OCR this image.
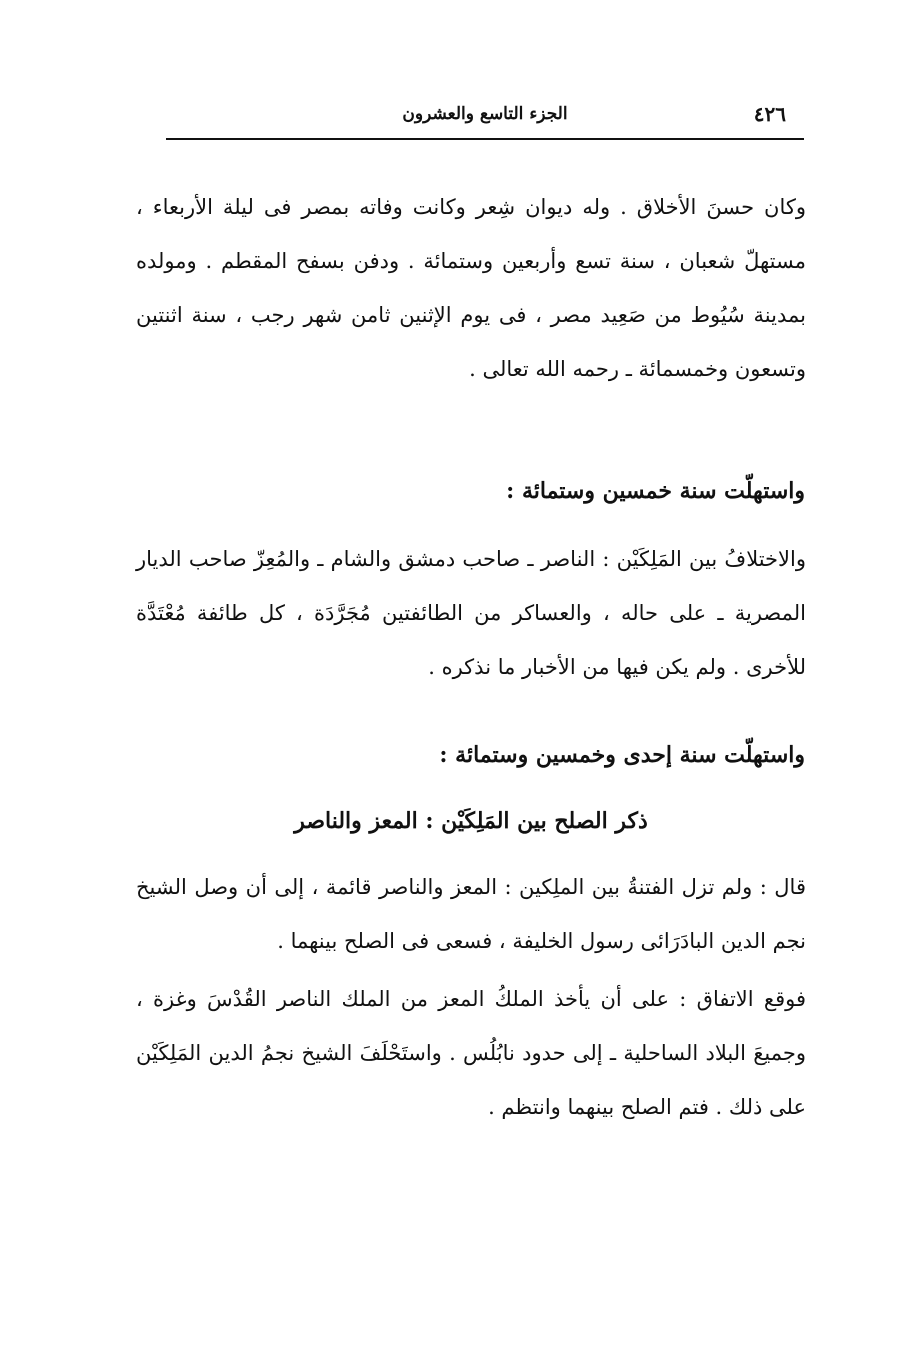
٤٢٦
الجزء التاسع والعشرون

وكان حسنَ الأخلاق . وله ديوان شِعر وكانت وفاته بمصر فى ليلة الأربعاء ، مستهلّ شعبان ، سنة تسع وأربعين وستمائة . ودفن بسفح المقطم . ومولده بمدينة سُيُوط من صَعِيد مصر ، فى يوم الإثنين ثامن شهر رجب ، سنة اثنتين وتسعون وخمسمائة ـ رحمه الله تعالى .

واستهلّت سنة خمسين وستمائة :

والاختلافُ بين المَلِكَيْن : الناصر ـ صاحب دمشق والشام ـ والمُعِزّ صاحب الديار المصرية ـ على حاله ، والعساكر من الطائفتين مُجَرَّدَة ، كل طائفة مُعْتَدَّة للأخرى . ولم يكن فيها من الأخبار ما نذكره .

واستهلّت سنة إحدى وخمسين وستمائة :
ذكر الصلح بين المَلِكَيْن : المعز والناصر

قال : ولم تزل الفتنةُ بين الملِكين : المعز والناصر قائمة ، إلى أن وصل الشيخ نجم الدين البادَرَائى رسول الخليفة ، فسعى فى الصلح بينهما .

فوقع الاتفاق : على أن يأخذ الملكُ المعز من الملك الناصر القُدْسَ وغزة ، وجميعَ البلاد الساحلية ـ إلى حدود نابُلُس . واستَحْلَفَ الشيخ نجمُ الدين المَلِكَيْن على ذلك . فتم الصلح بينهما وانتظم .
